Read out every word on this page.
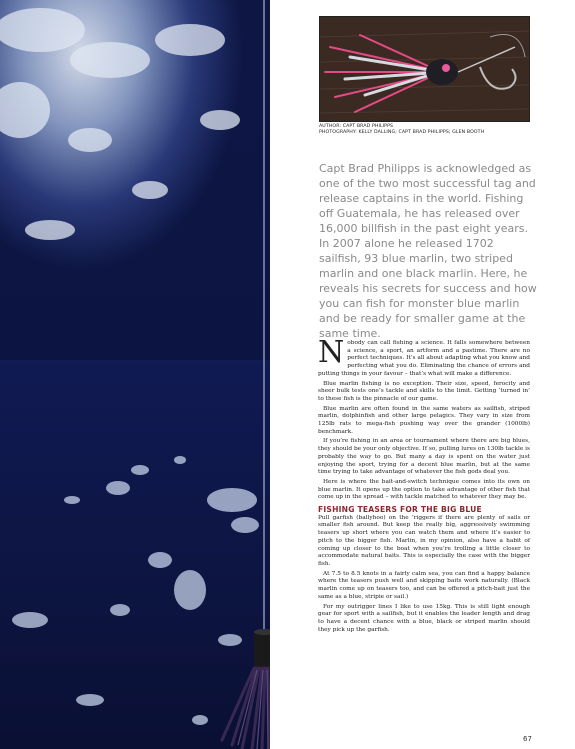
AUTHOR: CAPT BRAD PHILIPPS
PHOTOGRAPHY: KELLY DALLING; CAPT BRAD PHILIPPS; GLEN BOOTH

Capt Brad Philipps is acknowledged as one of the two most successful tag and release captains in the world. Fishing off Guatemala, he has released over 16,000 billfish in the past eight years. In 2007 alone he released 1702 sailfish, 93 blue marlin, two striped marlin and one black marlin. Here, he reveals his secrets for success and how you can fish for monster blue marlin and be ready for smaller game at the same time.

Nobody can call fishing a science. It falls somewhere between a science, a sport, an artform and a pastime. There are no perfect techniques. It’s all about adapting what you know and perfecting what you do. Eliminating the chance of errors and putting things in your favour – that’s what will make a difference.

Blue marlin fishing is no exception. Their size, speed, ferocity and sheer bulk tests one’s tackle and skills to the limit. Getting ‘turned in’ to these fish is the pinnacle of our game.

Blue marlin are often found in the same waters as sailfish, striped marlin, dolphinfish and other large pelagics. They vary in size from 125lb rats to mega-fish pushing way over the grander (1000lb) benchmark.

If you’re fishing in an area or tournament where there are big blues, they should be your only objective. If so, pulling lures on 130lb tackle is probably the way to go. But many a day is spent on the water just enjoying the sport, trying for a decent blue marlin, but at the same time trying to take advantage of whatever the fish gods deal you.

Here is where the bait-and-switch technique comes into its own on blue marlin. It opens up the option to take advantage of other fish that come up in the spread – with tackle matched to whatever they may be.

FISHING TEASERS FOR THE BIG BLUE

Pull garfish (ballyhoo) on the ’riggers if there are plenty of sails or smaller fish around. But keep the really big, aggressively swimming teasers up short where you can watch them and where it’s easier to pitch to the bigger fish. Marlin, in my opinion, also have a habit of coming up closer to the boat when you’re trolling a little closer to accommodate natural baits. This is especially the case with the bigger fish.

At 7.5 to 8.5 knots in a fairly calm sea, you can find a happy balance where the teasers push well and skipping baits work naturally. (Black marlin come up on teasers too, and can be offered a pitch-bait just the same as a blue, stripie or sail.)

For my outrigger lines I like to use 15kg. This is still light enough gear for sport with a sailfish, but it enables the leader length and drag to have a decent chance with a blue, black or striped marlin should they pick up the garfish.

67
